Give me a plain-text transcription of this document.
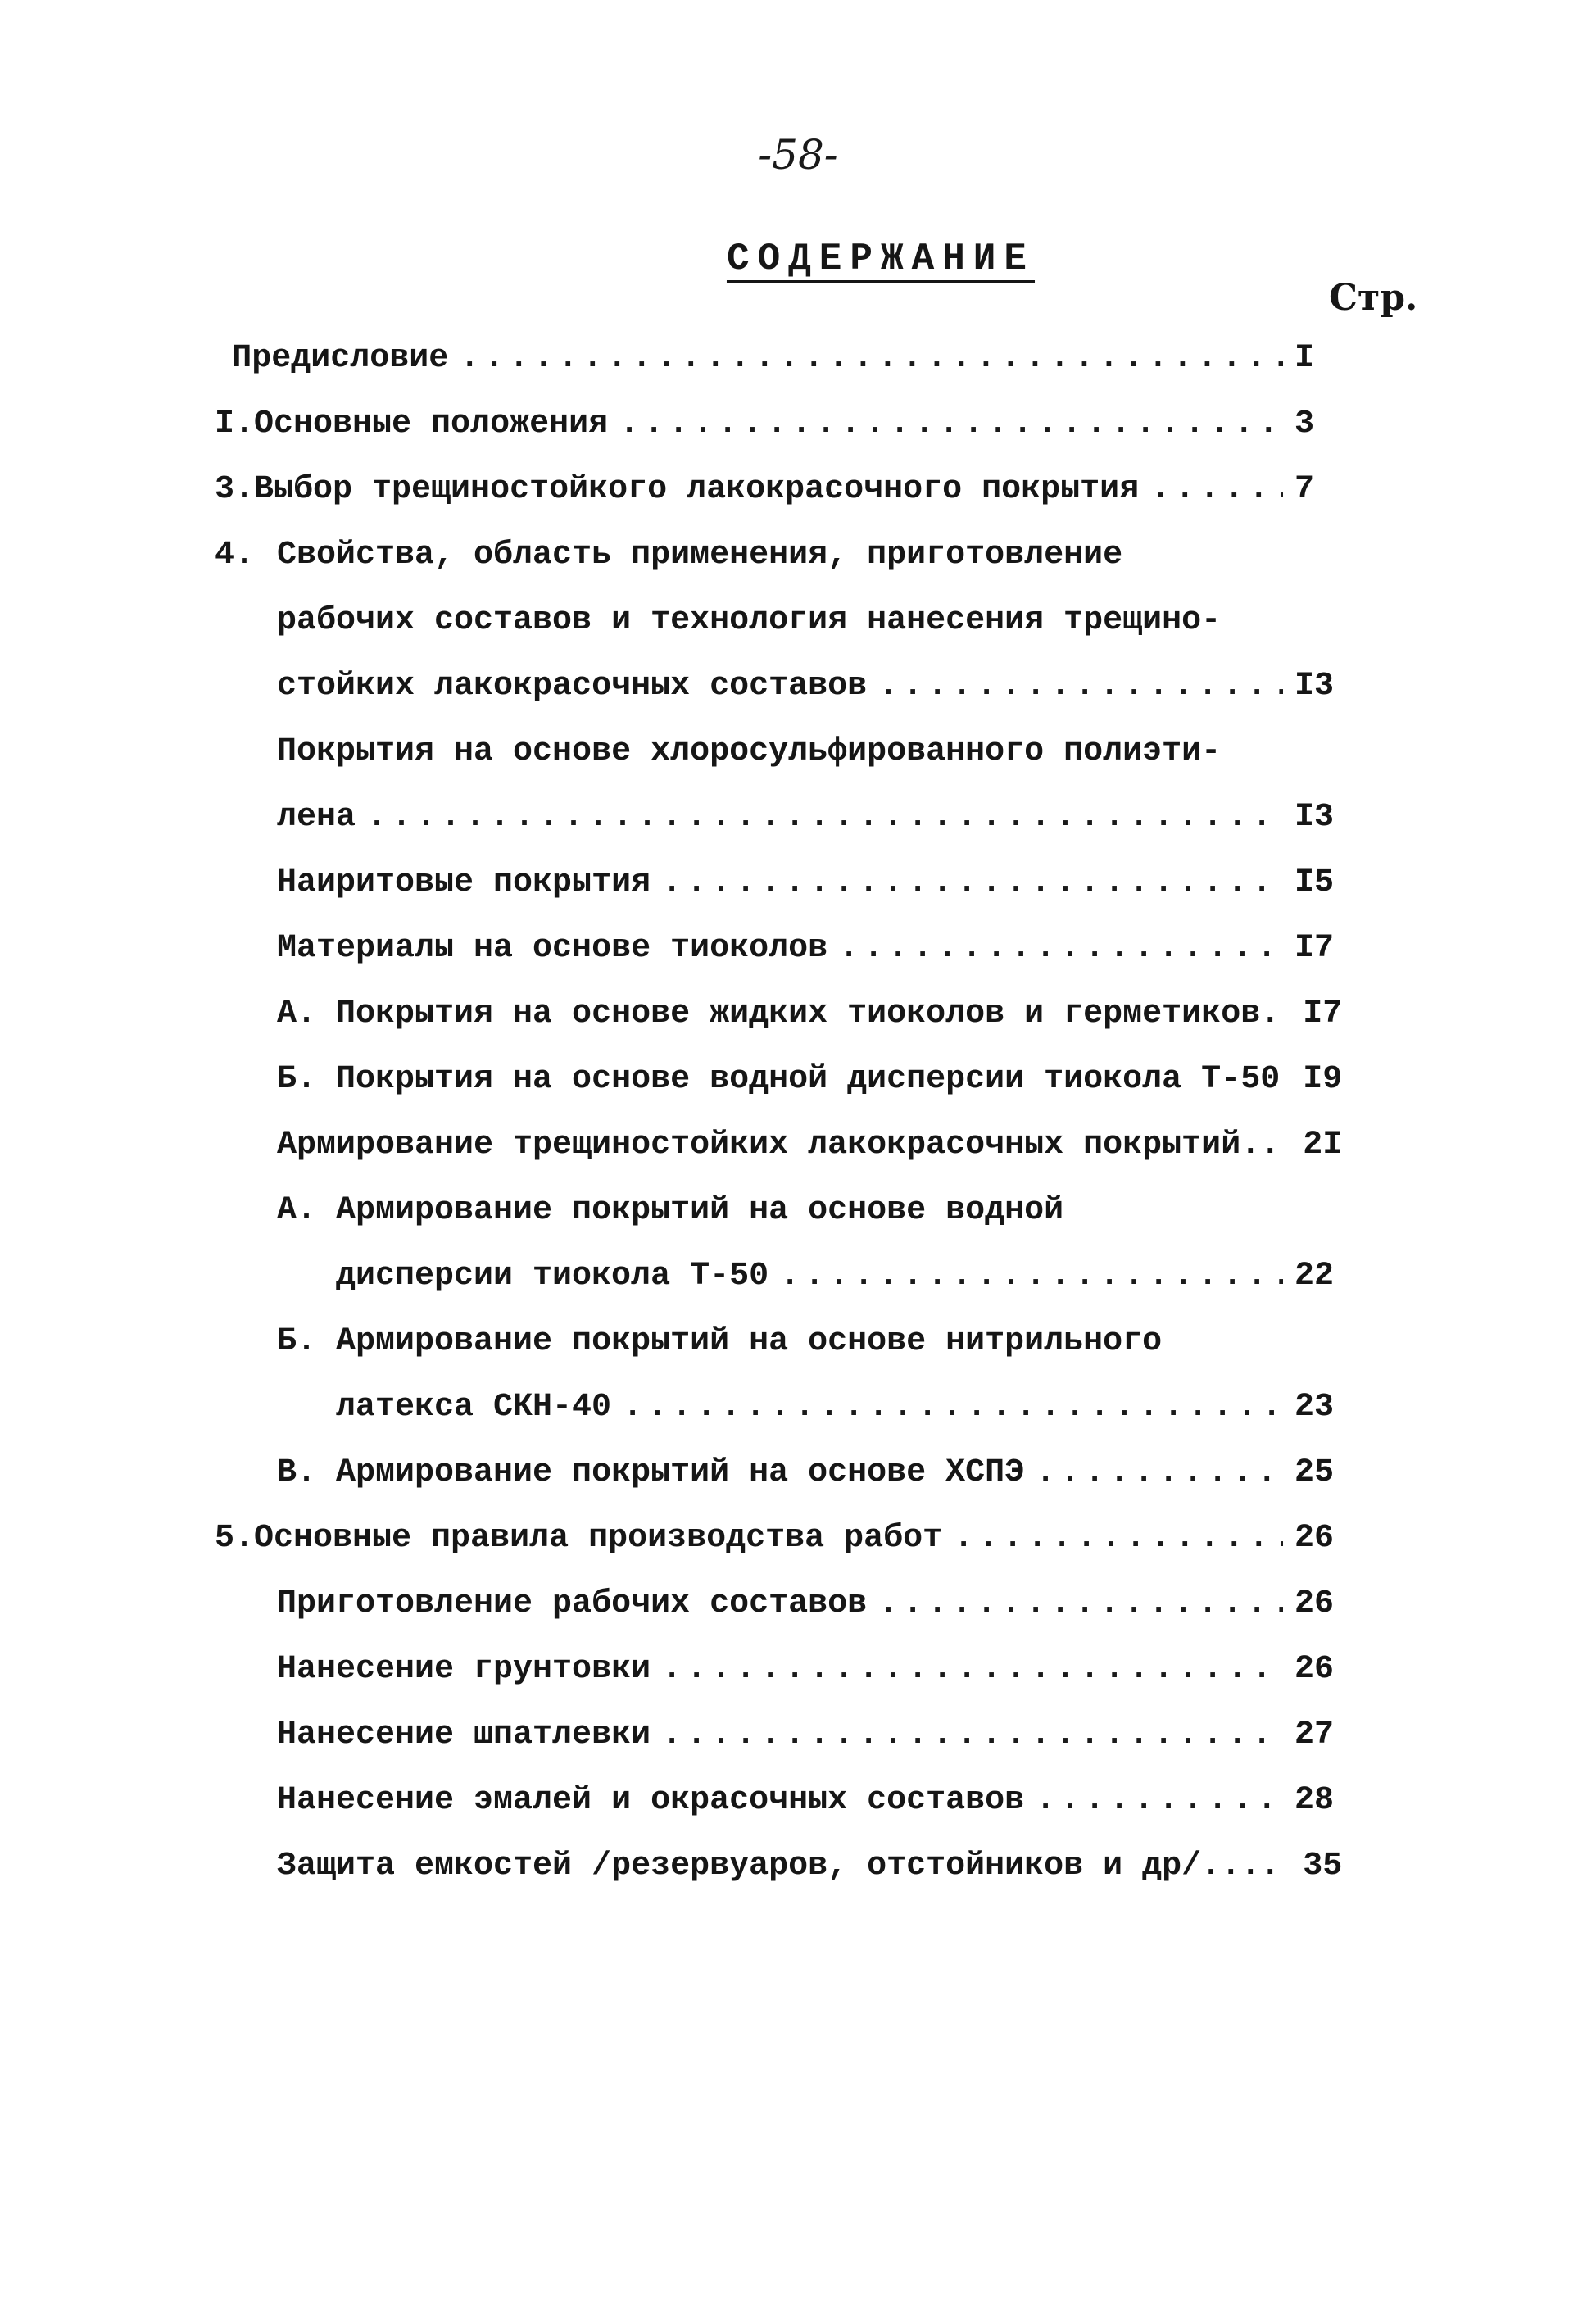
-58-
СОДЕРЖАНИЕ
Стр.
Предисловие .....	I
I. Основные положения .....	3
3. Выбор трещиностойкого лакокрасочного покрытия .....	7
4. Свойства, область применения, приготовление
рабочих составов и технология нанесения трещино-
стойких лакокрасочных составов .....	I3
Покрытия на основе хлоросульфированного полиэти-
лена .....	I3
Наиритовые покрытия .....	I5
Материалы на основе тиоколов .....	I7
А. Покрытия на основе жидких тиоколов и герметиков. I7
Б. Покрытия на основе водной дисперсии тиокола Т-50 I9
Армирование трещиностойких лакокрасочных покрытий.. 2I
А. Армирование покрытий на основе водной
дисперсии тиокола Т-50 .....	22
Б. Армирование покрытий на основе нитрильного
латекса СКН-40 .....	23
В. Армирование покрытий на основе ХСПЭ .....	25
5. Основные правила производства работ .....	26
Приготовление рабочих составов .....	26
Нанесение грунтовки .....	26
Нанесение шпатлевки .....	27
Нанесение эмалей и окрасочных составов .....	28
Защита емкостей /резервуаров, отстойников и др/.... 35
